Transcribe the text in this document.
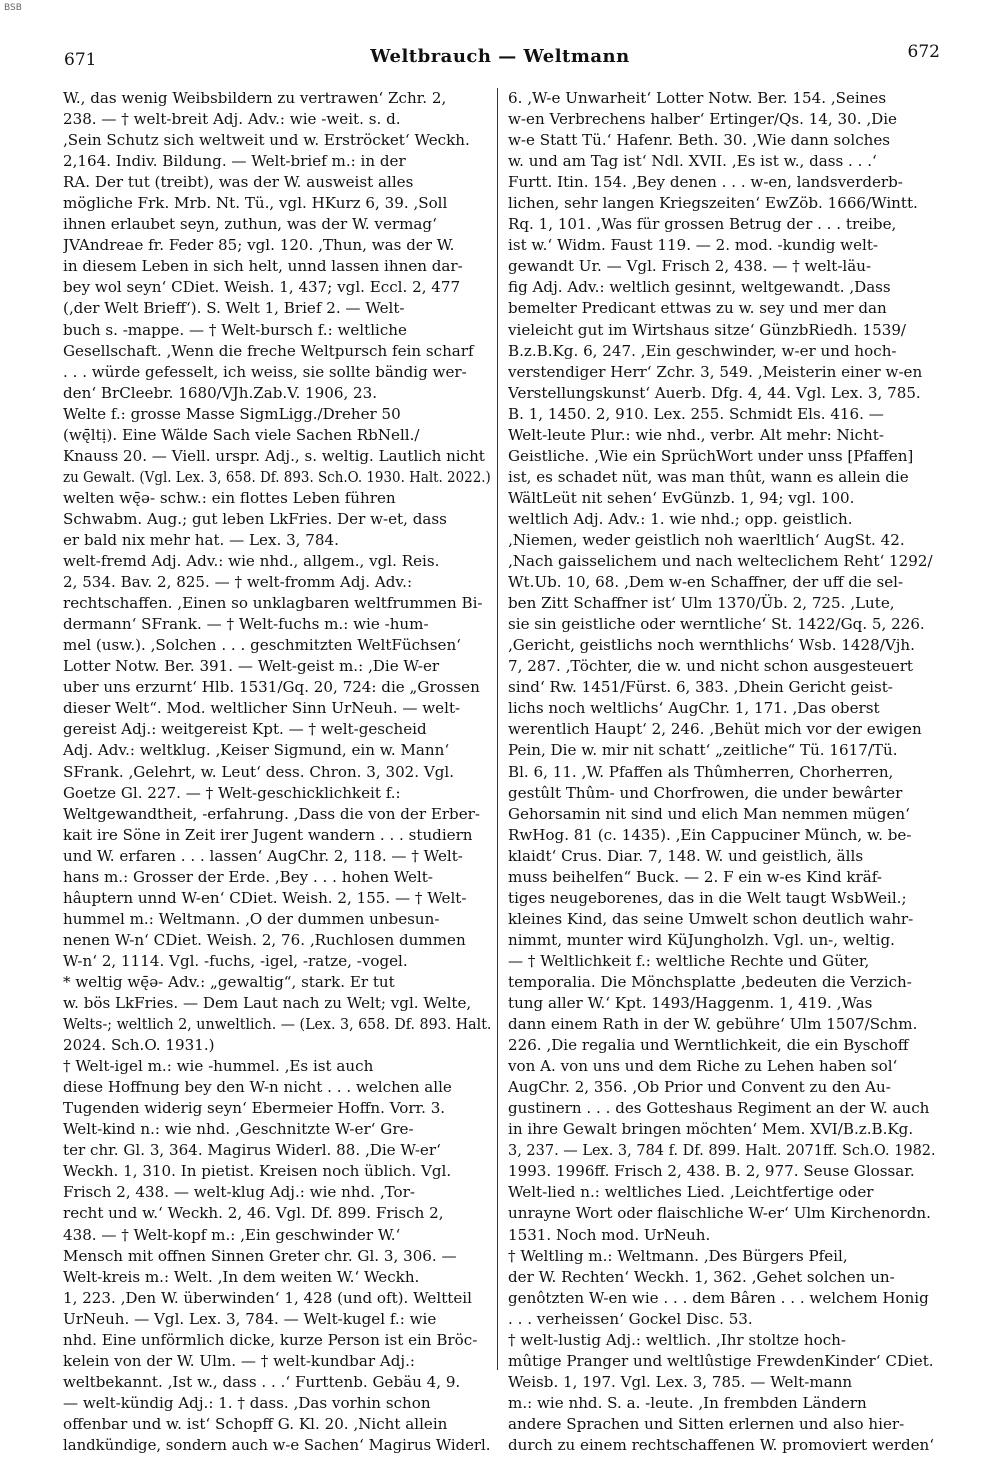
BSB
671	Weltbrauch — Weltmann	672
W., das wenig Weibsbildern zu vertrawen‘ Zchr. 2,
238. — † welt-breit Adj. Adv.: wie -weit. s. d.
‚Sein Schutz sich weltweit und w. Erströcket‘ Weckh.
2,164. Indiv. Bildung. — Welt-brief m.: in der
RA. Der tut (treibt), was der W. ausweist alles
mögliche Frk. Mrb. Nt. Tü., vgl. HKurz 6, 39. ‚Soll
ihnen erlaubet seyn, zuthun, was der W. vermag‘
JVAndreae fr. Feder 85; vgl. 120. ‚Thun, was der W.
in diesem Leben in sich helt, unnd lassen ihnen dar-
bey wol seyn‘ CDiet. Weish. 1, 437; vgl. Eccl. 2, 477
(‚der Welt Brieff‘). S. Welt 1, Brief 2. — Welt-
buch s. -mappe. — † Welt-bursch f.: weltliche
Gesellschaft. ‚Wenn die freche Weltpursch fein scharf
. . . würde gefesselt, ich weiss, sie sollte bändig wer-
den‘ BrCleebr. 1680/VJh.Zab.V. 1906, 23.
Welte f.: grosse Masse SigmLigg./Dreher 50
(wę̄ltị). Eine Wälde Sach viele Sachen RbNell./
Knauss 20. — Viell. urspr. Adj., s. weltig. Lautlich nicht
zu Gewalt. (Vgl. Lex. 3, 658. Df. 893. Sch.O. 1930. Halt. 2022.)
welten wę̄ə- schw.: ein flottes Leben führen
Schwabm. Aug.; gut leben LkFries. Der w-et, dass
er bald nix mehr hat. — Lex. 3, 784.
welt-fremd Adj. Adv.: wie nhd., allgem., vgl. Reis.
2, 534. Bav. 2, 825. — † welt-fromm Adj. Adv.:
rechtschaffen. ‚Einen so unklagbaren weltfrummen Bi-
dermann‘ SFrank. — † Welt-fuchs m.: wie -hum-
mel (usw.). ‚Solchen . . . geschmitzten WeltFüchsen‘
Lotter Notw. Ber. 391. — Welt-geist m.: ‚Die W-er
uber uns erzurnt‘ Hlb. 1531/Gq. 20, 724: die „Grossen
dieser Welt“. Mod. weltlicher Sinn UrNeuh. — welt-
gereist Adj.: weitgereist Kpt. — † welt-gescheid
Adj. Adv.: weltklug. ‚Keiser Sigmund, ein w. Mann‘
SFrank. ‚Gelehrt, w. Leut‘ dess. Chron. 3, 302. Vgl.
Goetze Gl. 227. — † Welt-geschicklichkeit f.:
Weltgewandtheit, -erfahrung. ‚Dass die von der Erber-
kait ire Söne in Zeit irer Jugent wandern . . . studiern
und W. erfaren . . . lassen‘ AugChr. 2, 118. — † Welt-
hans m.: Grosser der Erde. ‚Bey . . . hohen Welt-
hâuptern unnd W-en‘ CDiet. Weish. 2, 155. — † Welt-
hummel m.: Weltmann. ‚O der dummen unbesun-
nenen W-n‘ CDiet. Weish. 2, 76. ‚Ruchlosen dummen
W-n‘ 2, 1114. Vgl. -fuchs, -igel, -ratze, -vogel.
* weltig wę̄ə- Adv.: „gewaltig“, stark. Er tut
w. bös LkFries. — Dem Laut nach zu Welt; vgl. Welte,
Welts-; weltlich 2, unweltlich. — (Lex. 3, 658. Df. 893. Halt.
2024. Sch.O. 1931.)
† Welt-igel m.: wie -hummel. ‚Es ist auch
diese Hoffnung bey den W-n nicht . . . welchen alle
Tugenden widerig seyn‘ Ebermeier Hoffn. Vorr. 3.
Welt-kind n.: wie nhd. ‚Geschnitzte W-er‘ Gre-
ter chr. Gl. 3, 364. Magirus Widerl. 88. ‚Die W-er‘
Weckh. 1, 310. In pietist. Kreisen noch üblich. Vgl.
Frisch 2, 438. — welt-klug Adj.: wie nhd. ‚Tor-
recht und w.‘ Weckh. 2, 46. Vgl. Df. 899. Frisch 2,
438. — † Welt-kopf m.: ‚Ein geschwinder W.‘
Mensch mit offnen Sinnen Greter chr. Gl. 3, 306. —
Welt-kreis m.: Welt. ‚In dem weiten W.‘ Weckh.
1, 223. ‚Den W. überwinden‘ 1, 428 (und oft). Weltteil
UrNeuh. — Vgl. Lex. 3, 784. — Welt-kugel f.: wie
nhd. Eine unförmlich dicke, kurze Person ist ein Bröc-
kelein von der W. Ulm. — † welt-kundbar Adj.:
weltbekannt. ‚Ist w., dass . . .‘ Furttenb. Gebäu 4, 9.
— welt-kündig Adj.: 1. † dass. ‚Das vorhin schon
offenbar und w. ist‘ Schopff G. Kl. 20. ‚Nicht allein
landkündige, sondern auch w-e Sachen‘ Magirus Widerl.
6. ‚W-e Unwarheit‘ Lotter Notw. Ber. 154. ‚Seines
w-en Verbrechens halber‘ Ertinger/Qs. 14, 30. ‚Die
w-e Statt Tü.‘ Hafenr. Beth. 30. ‚Wie dann solches
w. und am Tag ist‘ Ndl. XVII. ‚Es ist w., dass . . .‘
Furtt. Itin. 154. ‚Bey denen . . . w-en, landsverderb-
lichen, sehr langen Kriegszeiten‘ EwZöb. 1666/Wintt.
Rq. 1, 101. ‚Was für grossen Betrug der . . . treibe,
ist w.‘ Widm. Faust 119. — 2. mod. -kundig welt-
gewandt Ur. — Vgl. Frisch 2, 438. — † welt-läu-
fig Adj. Adv.: weltlich gesinnt, weltgewandt. ‚Dass
bemelter Predicant ettwas zu w. sey und mer dan
vieleicht gut im Wirtshaus sitze‘ GünzbRiedh. 1539/
B.z.B.Kg. 6, 247. ‚Ein geschwinder, w-er und hoch-
verstendiger Herr‘ Zchr. 3, 549. ‚Meisterin einer w-en
Verstellungskunst‘ Auerb. Dfg. 4, 44. Vgl. Lex. 3, 785.
B. 1, 1450. 2, 910. Lex. 255. Schmidt Els. 416. —
Welt-leute Plur.: wie nhd., verbr. Alt mehr: Nicht-
Geistliche. ‚Wie ein SprüchWort under unss [Pfaffen]
ist, es schadet nüt, was man thût, wann es allein die
WältLeüt nit sehen‘ EvGünzb. 1, 94; vgl. 100.
weltlich Adj. Adv.: 1. wie nhd.; opp. geistlich.
‚Niemen, weder geistlich noh waerltlich‘ AugSt. 42.
‚Nach gaisselichem und nach welteclichem Reht‘ 1292/
Wt.Ub. 10, 68. ‚Dem w-en Schaffner, der uff die sel-
ben Zitt Schaffner ist‘ Ulm 1370/Üb. 2, 725. ‚Lute,
sie sin geistliche oder werntliche‘ St. 1422/Gq. 5, 226.
‚Gericht, geistlichs noch wernthlichs‘ Wsb. 1428/Vjh.
7, 287. ‚Töchter, die w. und nicht schon ausgesteuert
sind‘ Rw. 1451/Fürst. 6, 383. ‚Dhein Gericht geist-
lichs noch weltlichs‘ AugChr. 1, 171. ‚Das oberst
werentlich Haupt‘ 2, 246. ‚Behüt mich vor der ewigen
Pein, Die w. mir nit schatt‘ „zeitliche“ Tü. 1617/Tü.
Bl. 6, 11. ‚W. Pfaffen als Thûmherren, Chorherren,
gestûlt Thûm- und Chorfrowen, die under bewârter
Gehorsamin nit sind und elich Man nemmen mügen‘
RwHog. 81 (c. 1435). ‚Ein Cappuciner Münch, w. be-
klaidt‘ Crus. Diar. 7, 148. W. und geistlich, älls
muss beihelfen“ Buck. — 2. F ein w-es Kind kräf-
tiges neugeborenes, das in die Welt taugt WsbWeil.;
kleines Kind, das seine Umwelt schon deutlich wahr-
nimmt, munter wird KüJungholzh. Vgl. un-, weltig.
— † Weltlichkeit f.: weltliche Rechte und Güter,
temporalia. Die Mönchsplatte ‚bedeuten die Verzich-
tung aller W.‘ Kpt. 1493/Haggenm. 1, 419. ‚Was
dann einem Rath in der W. gebühre‘ Ulm 1507/Schm.
226. ‚Die regalia und Werntlichkeit, die ein Byschoff
von A. von uns und dem Riche zu Lehen haben sol‘
AugChr. 2, 356. ‚Ob Prior und Convent zu den Au-
gustinern . . . des Gotteshaus Regiment an der W. auch
in ihre Gewalt bringen möchten‘ Mem. XVI/B.z.B.Kg.
3, 237. — Lex. 3, 784 f. Df. 899. Halt. 2071ff. Sch.O. 1982.
1993. 1996ff. Frisch 2, 438. B. 2, 977. Seuse Glossar.
Welt-lied n.: weltliches Lied. ‚Leichtfertige oder
unrayne Wort oder flaischliche W-er‘ Ulm Kirchenordn.
1531. Noch mod. UrNeuh.
† Weltling m.: Weltmann. ‚Des Bürgers Pfeil,
der W. Rechten‘ Weckh. 1, 362. ‚Gehet solchen un-
genôtzten W-en wie . . . dem Bâren . . . welchem Honig
. . . verheissen‘ Gockel Disc. 53.
† welt-lustig Adj.: weltlich. ‚Ihr stoltze hoch-
mûtige Pranger und weltlûstige FrewdenKinder‘ CDiet.
Weisb. 1, 197. Vgl. Lex. 3, 785. — Welt-mann
m.: wie nhd. S. a. -leute. ‚In frembden Ländern
andere Sprachen und Sitten erlernen und also hier-
durch zu einem rechtschaffenen W. promoviert werden‘
